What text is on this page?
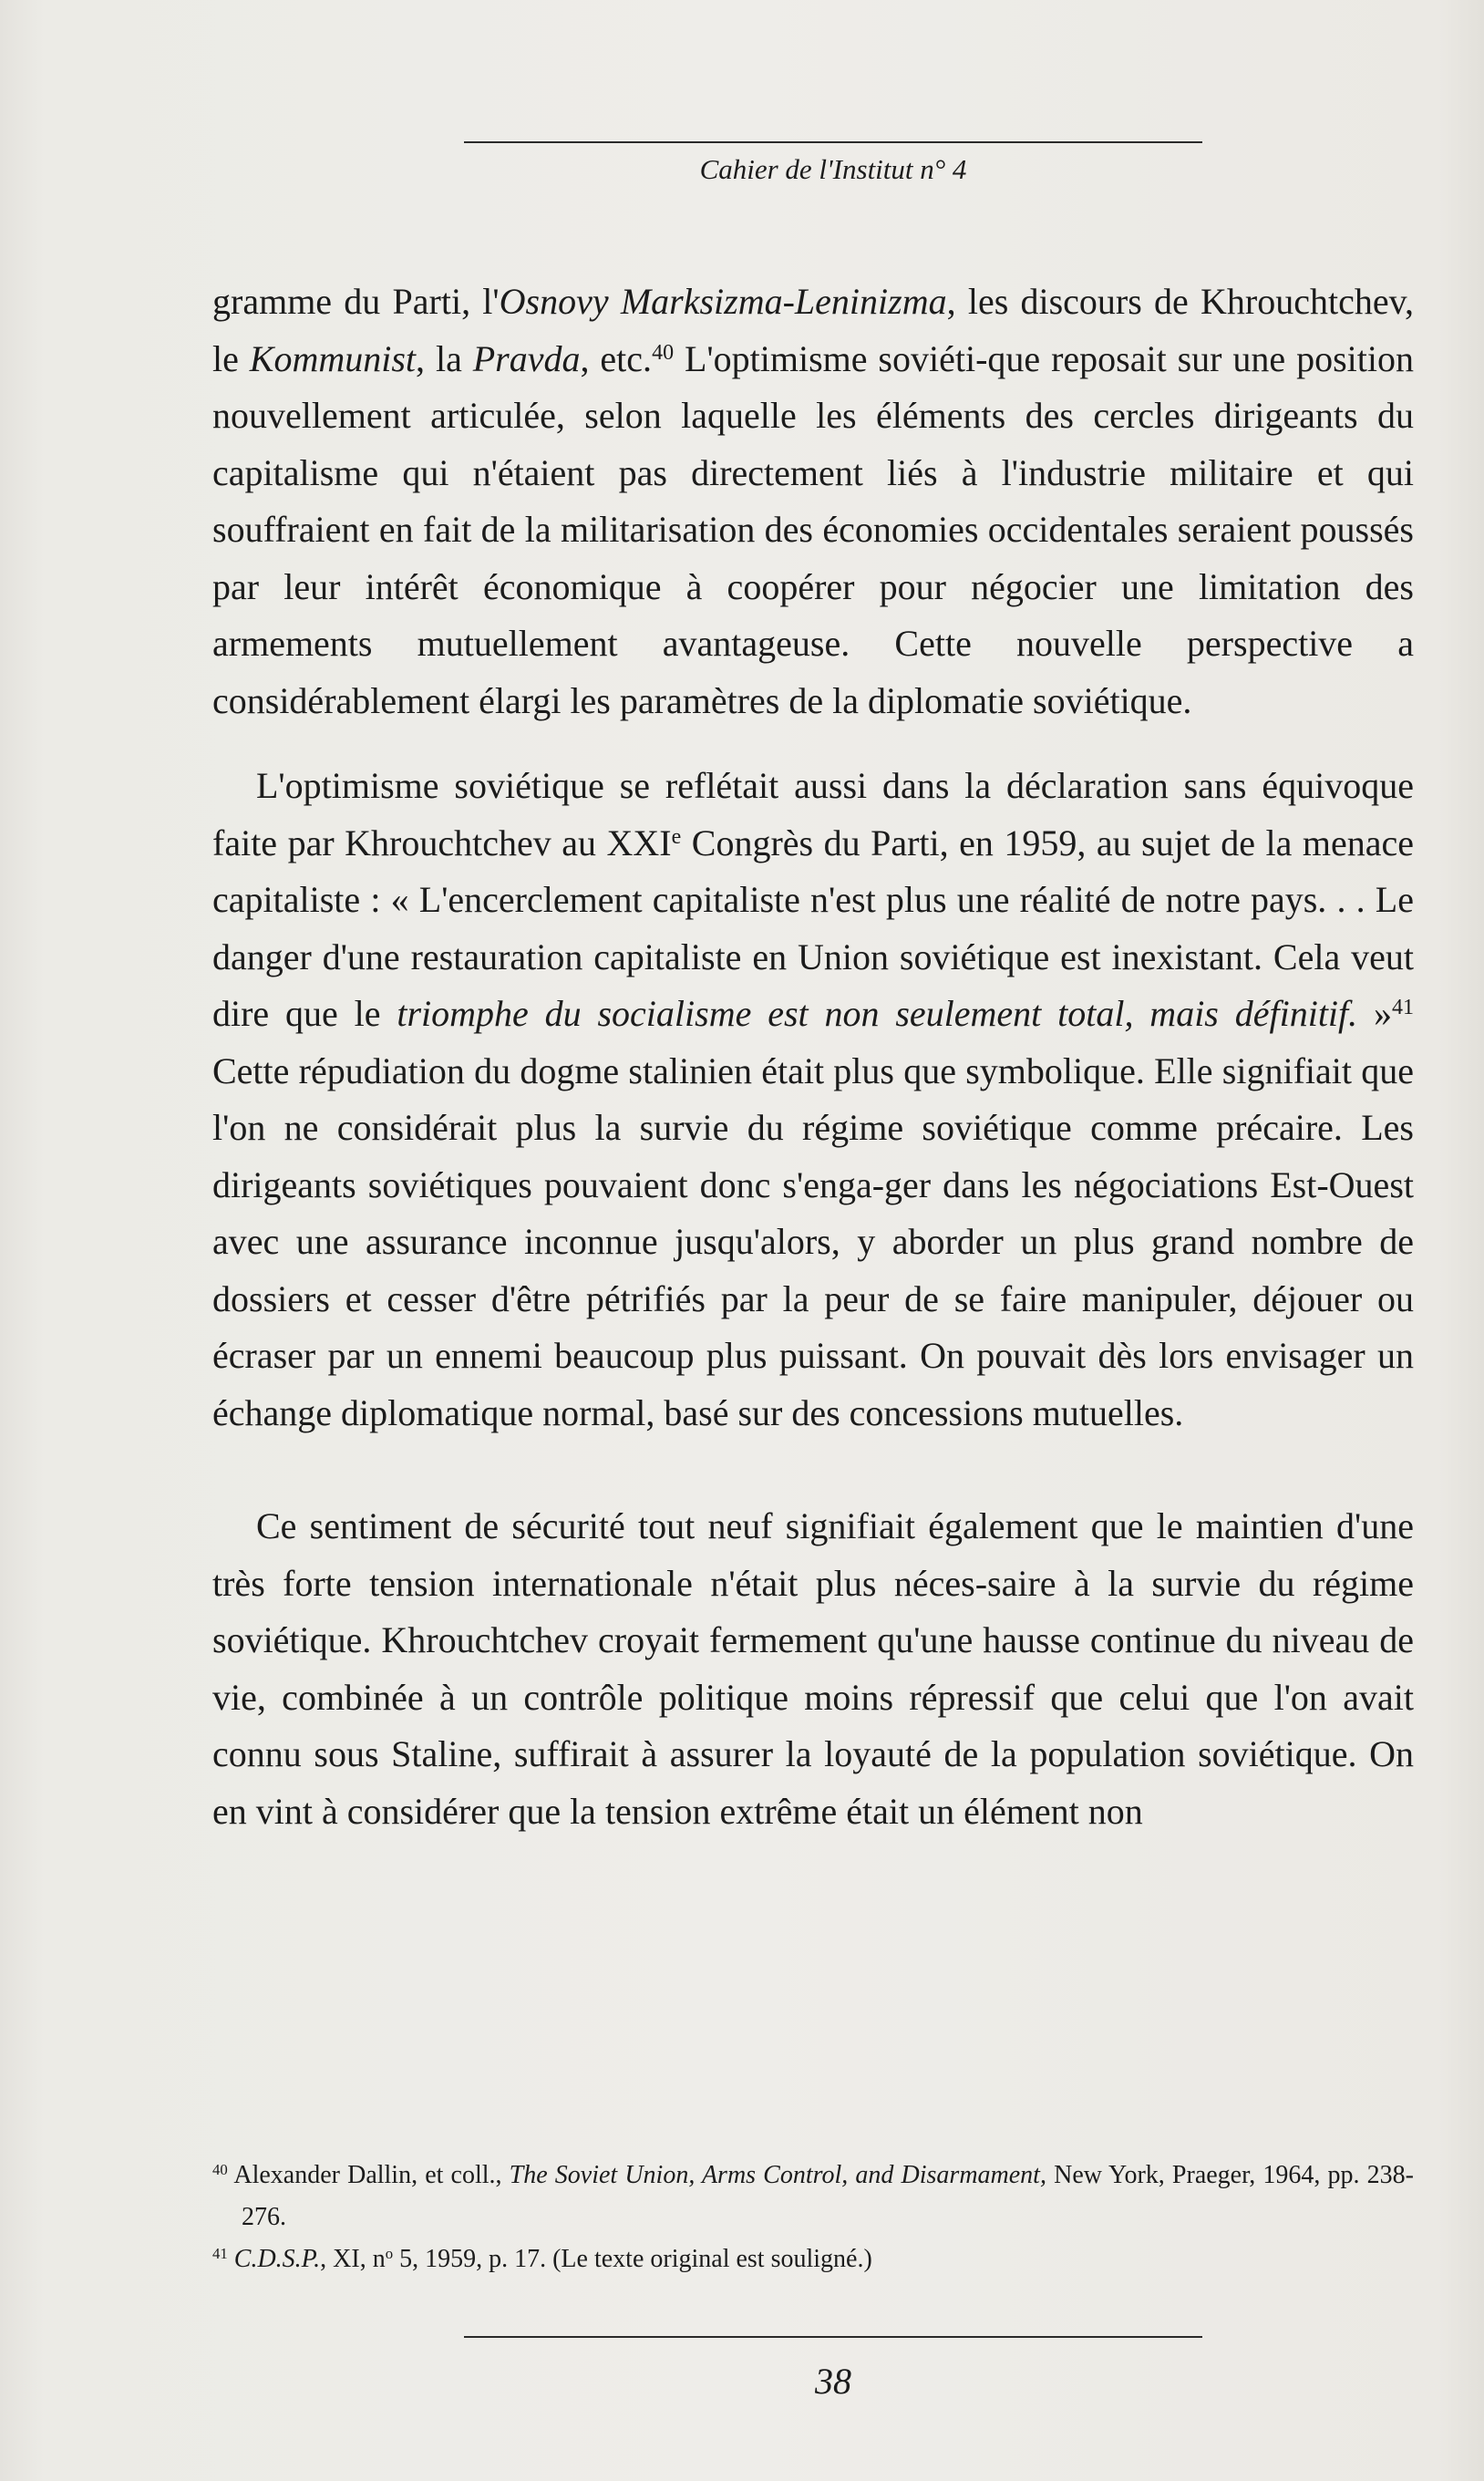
Cahier de l'Institut n° 4

gramme du Parti, l'Osnovy Marksizma-Leninizma, les discours de Khrouchtchev, le Kommunist, la Pravda, etc.$^{40}$ L'optimisme soviéti-que reposait sur une position nouvellement articulée, selon laquelle les éléments des cercles dirigeants du capitalisme qui n'étaient pas directement liés à l'industrie militaire et qui souffraient en fait de la militarisation des économies occidentales seraient poussés par leur intérêt économique à coopérer pour négocier une limitation des armements mutuellement avantageuse. Cette nouvelle perspective a considérablement élargi les paramètres de la diplomatie soviétique.

L'optimisme soviétique se reflétait aussi dans la déclaration sans équivoque faite par Khrouchtchev au XXIe Congrès du Parti, en 1959, au sujet de la menace capitaliste : « L'encerclement capitaliste n'est plus une réalité de notre pays. . . Le danger d'une restauration capitaliste en Union soviétique est inexistant. Cela veut dire que le triomphe du socialisme est non seulement total, mais définitif. »$^{41}$ Cette répudiation du dogme stalinien était plus que symbolique. Elle signifiait que l'on ne considérait plus la survie du régime soviétique comme précaire. Les dirigeants soviétiques pouvaient donc s'enga-ger dans les négociations Est-Ouest avec une assurance inconnue jusqu'alors, y aborder un plus grand nombre de dossiers et cesser d'être pétrifiés par la peur de se faire manipuler, déjouer ou écraser par un ennemi beaucoup plus puissant. On pouvait dès lors envisager un échange diplomatique normal, basé sur des concessions mutuelles.

Ce sentiment de sécurité tout neuf signifiait également que le maintien d'une très forte tension internationale n'était plus néces-saire à la survie du régime soviétique. Khrouchtchev croyait fermement qu'une hausse continue du niveau de vie, combinée à un contrôle politique moins répressif que celui que l'on avait connu sous Staline, suffirait à assurer la loyauté de la population soviétique. On en vint à considérer que la tension extrême était un élément non

$^{40}$ Alexander Dallin, et coll., The Soviet Union, Arms Control, and Disarmament, New York, Praeger, 1964, pp. 238-276.

$^{41}$ C.D.S.P., XI, $n^o$ 5, 1959, p. 17. (Le texte original est souligné.)

38
